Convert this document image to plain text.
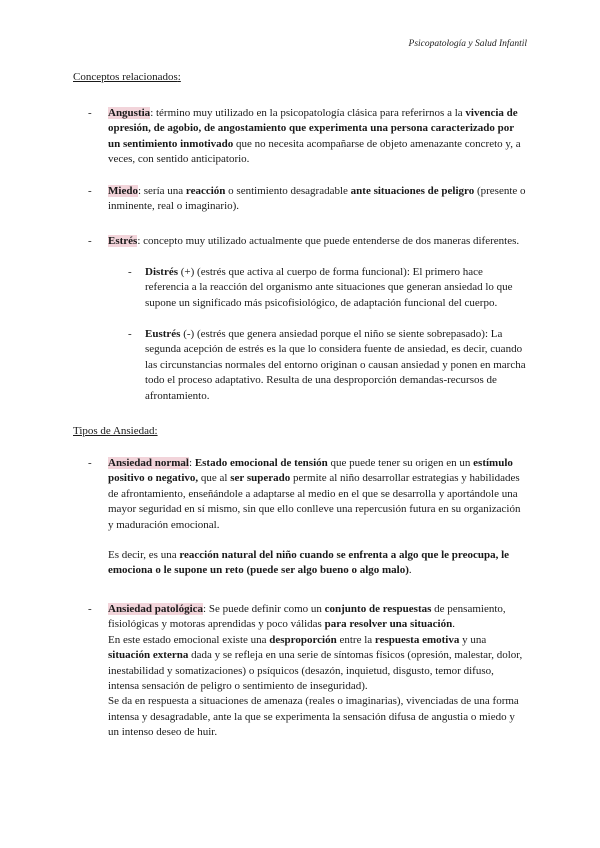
Psicopatología y Salud Infantil
Conceptos relacionados:
- Angustia: término muy utilizado en la psicopatología clásica para referirnos a la vivencia de opresión, de agobio, de angostamiento que experimenta una persona caracterizado por un sentimiento inmotivado que no necesita acompañarse de objeto amenazante concreto y, a veces, con sentido anticipatorio.

- Miedo: sería una reacción o sentimiento desagradable ante situaciones de peligro (presente o inminente, real o imaginario).

- Estrés: concepto muy utilizado actualmente que puede entenderse de dos maneras diferentes.

- Distrés (+) (estrés que activa al cuerpo de forma funcional): El primero hace referencia a la reacción del organismo ante situaciones que generan ansiedad lo que supone un significado más psicofisiológico, de adaptación funcional del cuerpo.

- Eustrés (-) (estrés que genera ansiedad porque el niño se siente sobrepasado): La segunda acepción de estrés es la que lo considera fuente de ansiedad, es decir, cuando las circunstancias normales del entorno originan o causan ansiedad y ponen en marcha todo el proceso adaptativo. Resulta de una desproporción demandas-recursos de afrontamiento.

Tipos de Ansiedad:
- Ansiedad normal: Estado emocional de tensión que puede tener su origen en un estímulo positivo o negativo, que al ser superado permite al niño desarrollar estrategias y habilidades de afrontamiento, enseñándole a adaptarse al medio en el que se desarrolla y aportándole una mayor seguridad en sí mismo, sin que ello conlleve una repercusión futura en su organización y maduración emocional.

Es decir, es una reacción natural del niño cuando se enfrenta a algo que le preocupa, le emociona o le supone un reto (puede ser algo bueno o algo malo).

- Ansiedad patológica: Se puede definir como un conjunto de respuestas de pensamiento, fisiológicas y motoras aprendidas y poco válidas para resolver una situación.

En este estado emocional existe una desproporción entre la respuesta emotiva y una situación externa dada y se refleja en una serie de síntomas físicos (opresión, malestar, dolor, inestabilidad y somatizaciones) o psíquicos (desazón, inquietud, disgusto, temor difuso, intensa sensación de peligro o sentimiento de inseguridad).

Se da en respuesta a situaciones de amenaza (reales o imaginarias), vivenciadas de una forma intensa y desagradable, ante la que se experimenta la sensación difusa de angustia o miedo y un intenso deseo de huir.
